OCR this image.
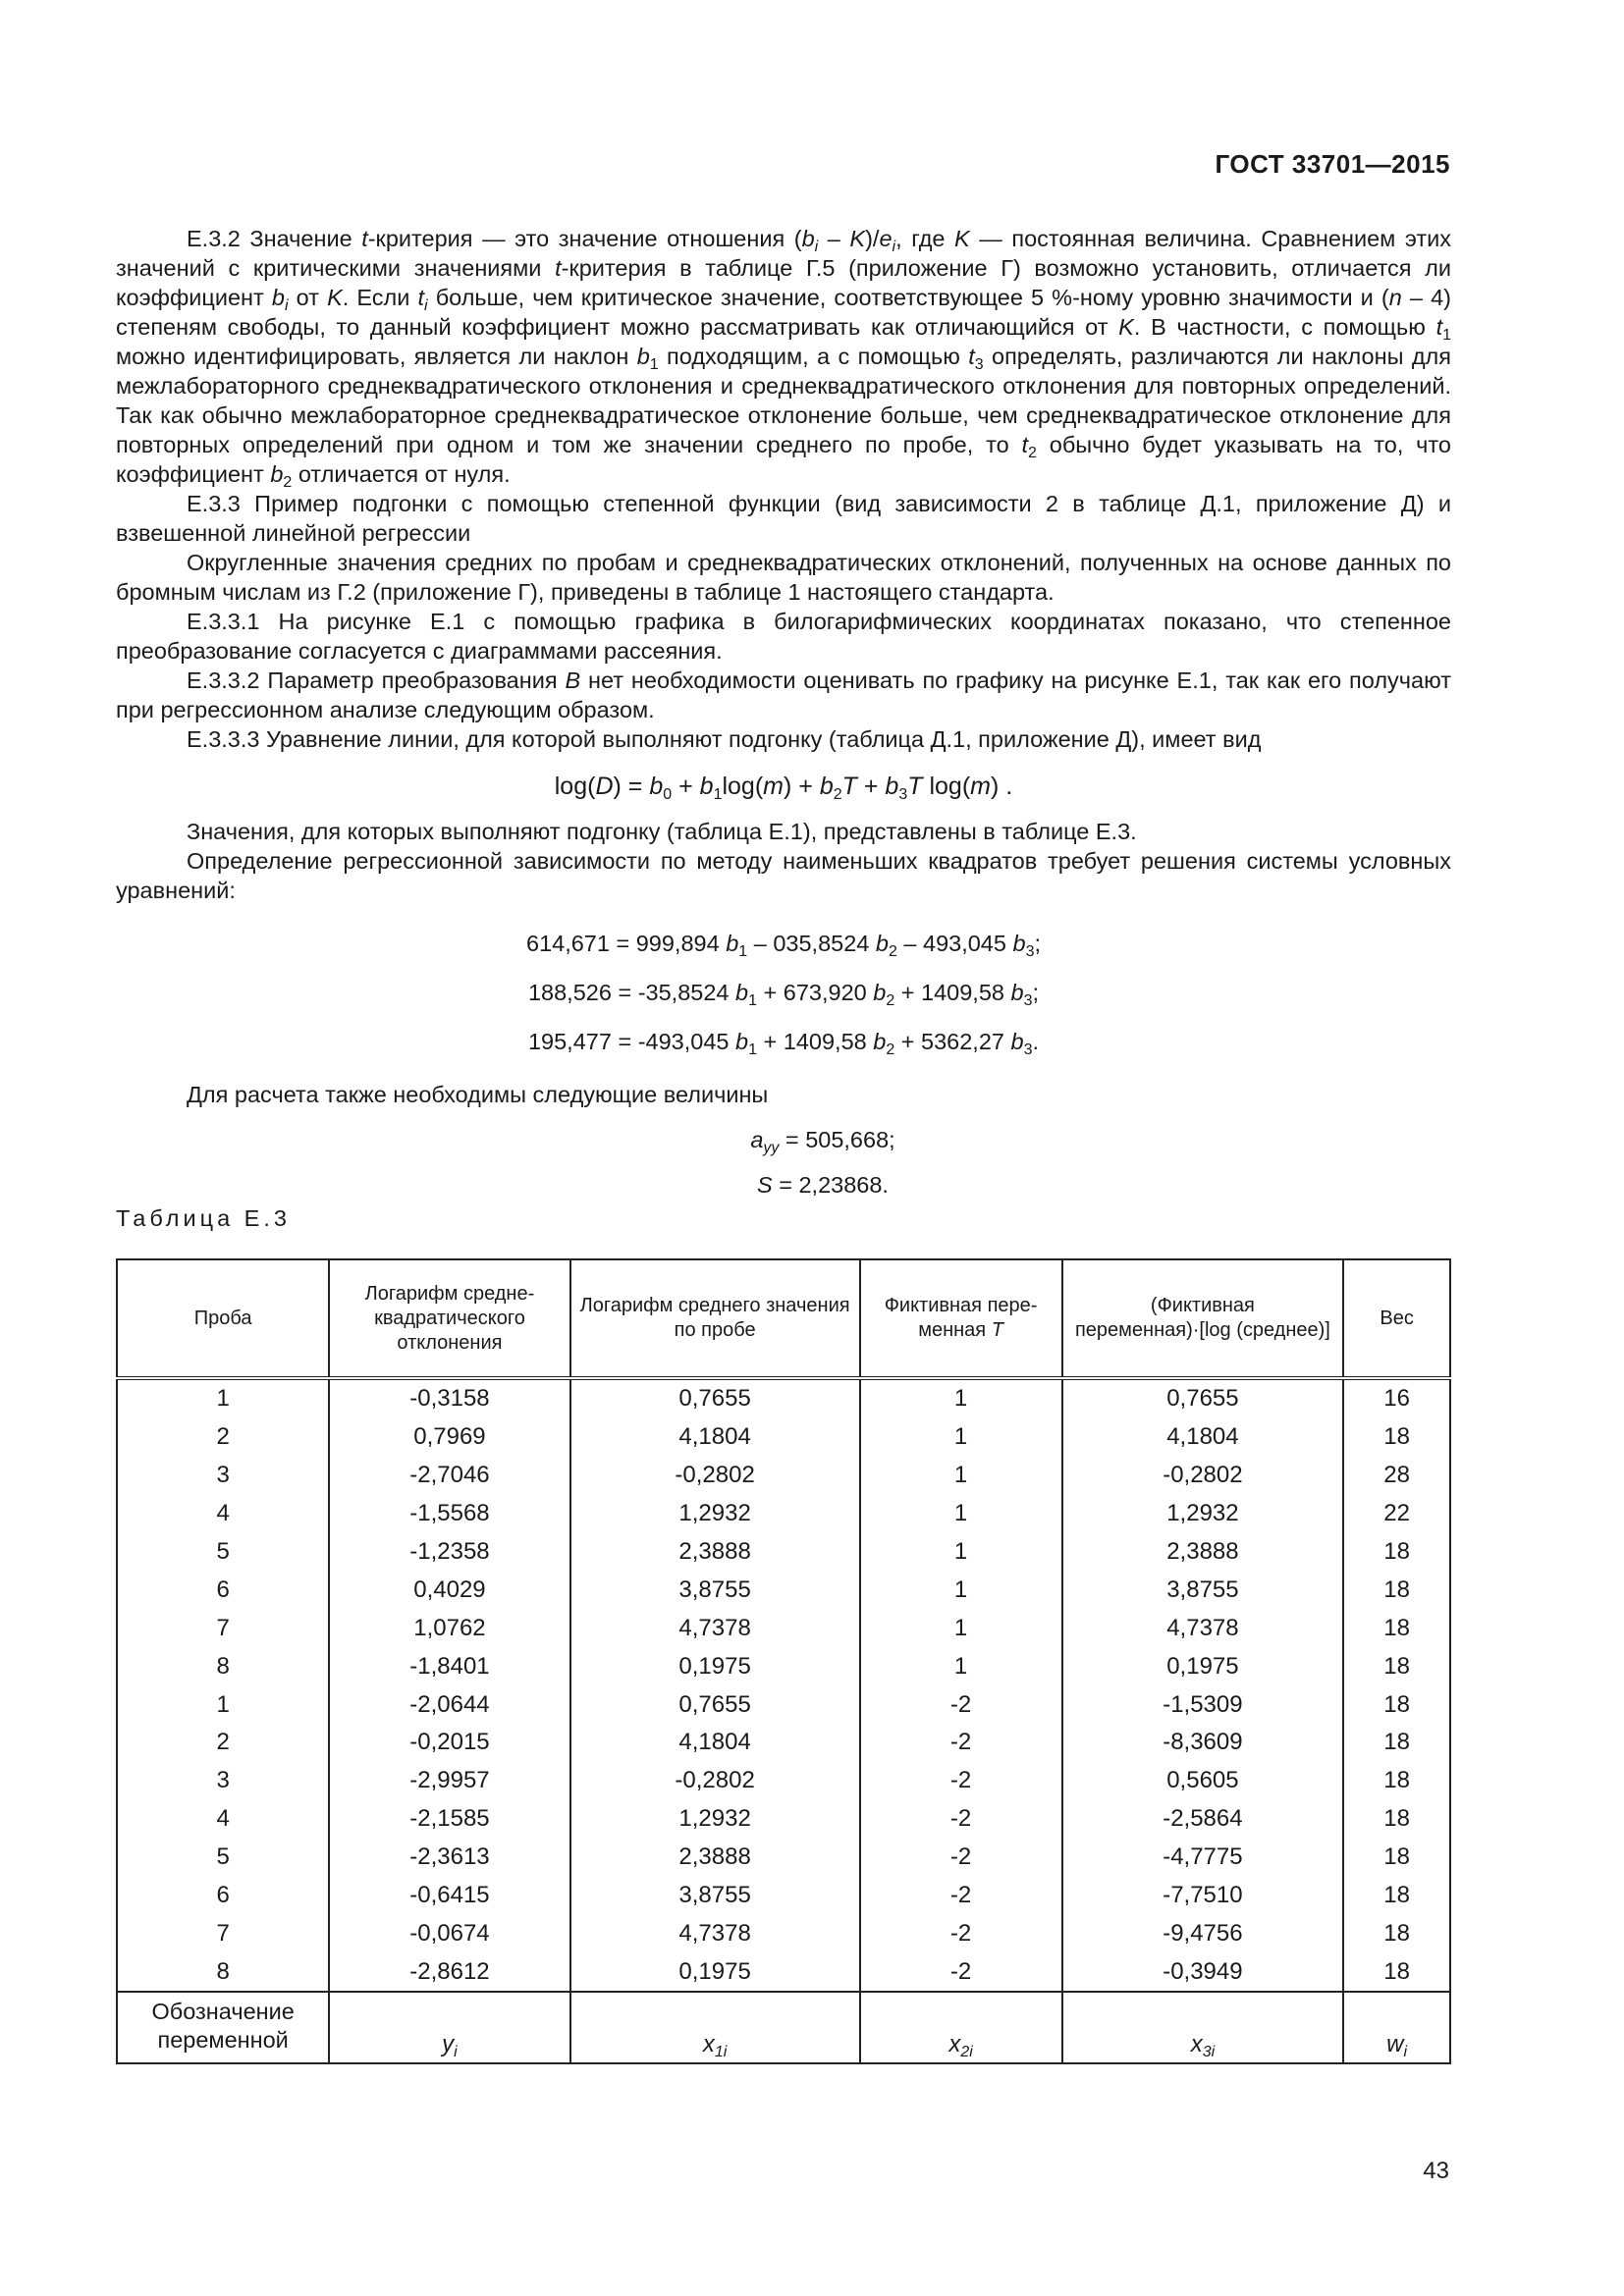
ГОСТ 33701—2015

Е.3.2 Значение t-критерия — это значение отношения $(b_i - K)/e_i$, где K — постоянная величина. Сравнением этих значений с критическими значениями t-критерия в таблице Г.5 (приложение Г) возможно установить, отличается ли коэффициент $b_i$ от K. Если $t_i$ больше, чем критическое значение, соответствующее 5 %-ному уровню значимости и (n – 4) степеням свободы, то данный коэффициент можно рассматривать как отличающийся от K. В частности, с помощью $t_1$ можно идентифицировать, является ли наклон $b_1$ подходящим, а с помощью $t_3$ определять, различаются ли наклоны для межлабораторного среднеквадратического отклонения и среднеквадратического отклонения для повторных определений. Так как обычно межлабораторное среднеквадратическое отклонение больше, чем среднеквадратическое отклонение для повторных определений при одном и том же значении среднего по пробе, то $t_2$ обычно будет указывать на то, что коэффициент $b_2$ отличается от нуля.

Е.3.3 Пример подгонки с помощью степенной функции (вид зависимости 2 в таблице Д.1, приложение Д) и взвешенной линейной регрессии

Округленные значения средних по пробам и среднеквадратических отклонений, полученных на основе данных по бромным числам из Г.2 (приложение Г), приведены в таблице 1 настоящего стандарта.

Е.3.3.1 На рисунке Е.1 с помощью графика в билогарифмических координатах показано, что степенное преобразование согласуется с диаграммами рассеяния.

Е.3.3.2 Параметр преобразования B нет необходимости оценивать по графику на рисунке Е.1, так как его получают при регрессионном анализе следующим образом.

Е.3.3.3 Уравнение линии, для которой выполняют подгонку (таблица Д.1, приложение Д), имеет вид

$\log(D) = b_0 + b_1\log(m) + b_2T + b_3T$ log(m) .

Значения, для которых выполняют подгонку (таблица Е.1), представлены в таблице Е.3.

Определение регрессионной зависимости по методу наименьших квадратов требует решения системы условных уравнений:

614,671 = 999,894 $b_1 - 035,8524$ $b_2 - 493,045$ $b_3$;
188,526 = -35,8524 $b_1 + 673,920$ $b_2 + 1409,58$ $b_3$;
195,477 = -493,045 $b_1 + 1409,58$ $b_2 + 5362,27$ $b_3$.

Для расчета также необходимы следующие величины

$a_{yy} = 505,668$;
S = 2,23868.
Таблица Е.3
Проба	Логарифм средне-квадратического отклонения	Логарифм среднего значения по пробе	Фиктивная пере-менная T	(Фиктивная переменная)·[log (среднее)]	Вес
1	-0,3158	0,7655	1	0,7655	16
2	0,7969	4,1804	1	4,1804	18
3	-2,7046	-0,2802	1	-0,2802	28
4	-1,5568	1,2932	1	1,2932	22
5	-1,2358	2,3888	1	2,3888	18
6	0,4029	3,8755	1	3,8755	18
7	1,0762	4,7378	1	4,7378	18
8	-1,8401	0,1975	1	0,1975	18
1	-2,0644	0,7655	-2	-1,5309	18
2	-0,2015	4,1804	-2	-8,3609	18
3	-2,9957	-0,2802	-2	0,5605	18
4	-2,1585	1,2932	-2	-2,5864	18
5	-2,3613	2,3888	-2	-4,7775	18
6	-0,6415	3,8755	-2	-7,7510	18
7	-0,0674	4,7378	-2	-9,4756	18
8	-2,8612	0,1975	-2	-0,3949	18
Обозначение переменной	$y_i$	$x_{1i}$	$x_{2i}$	$x_{3i}$	$w_i$
43
